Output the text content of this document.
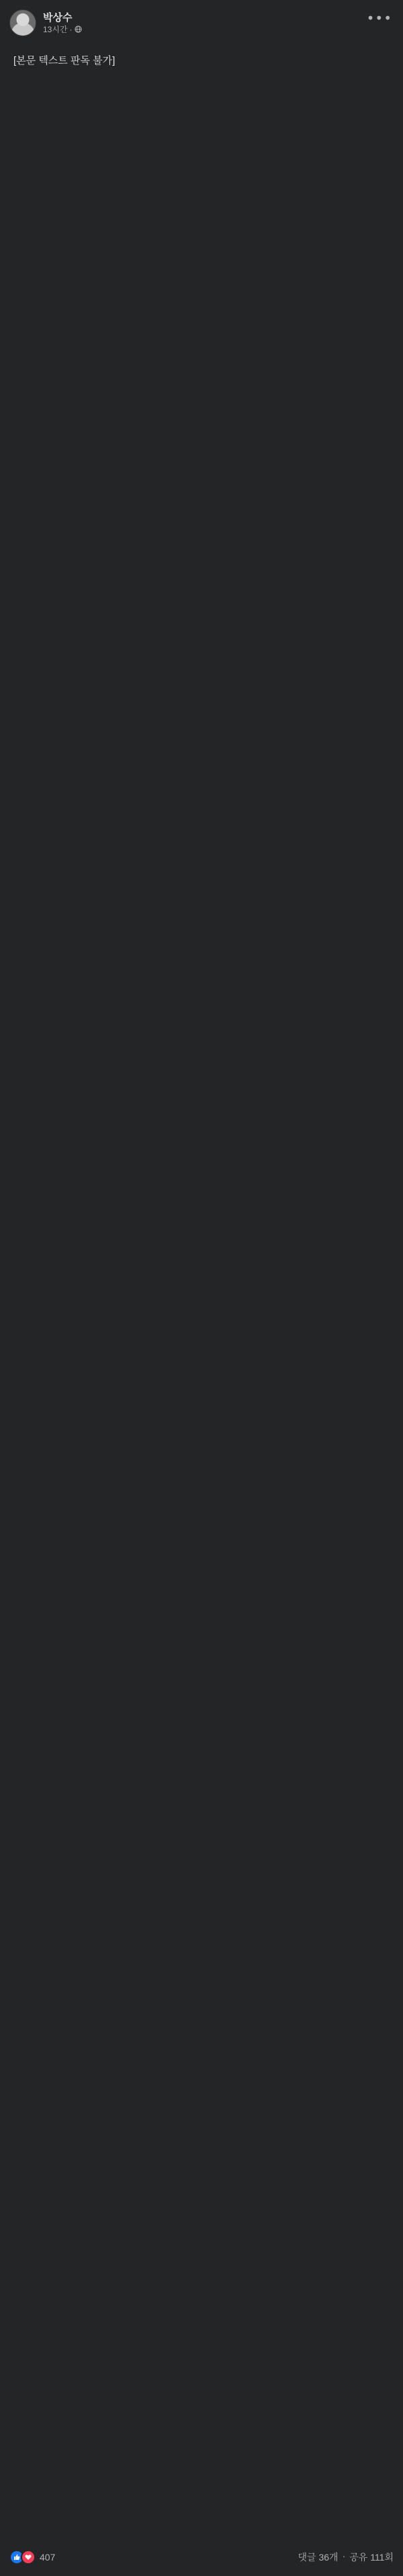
박상수
13시간 ·
•••
[본문 텍스트 판독 불가]
407	댓글 36개 · 공유 111회
